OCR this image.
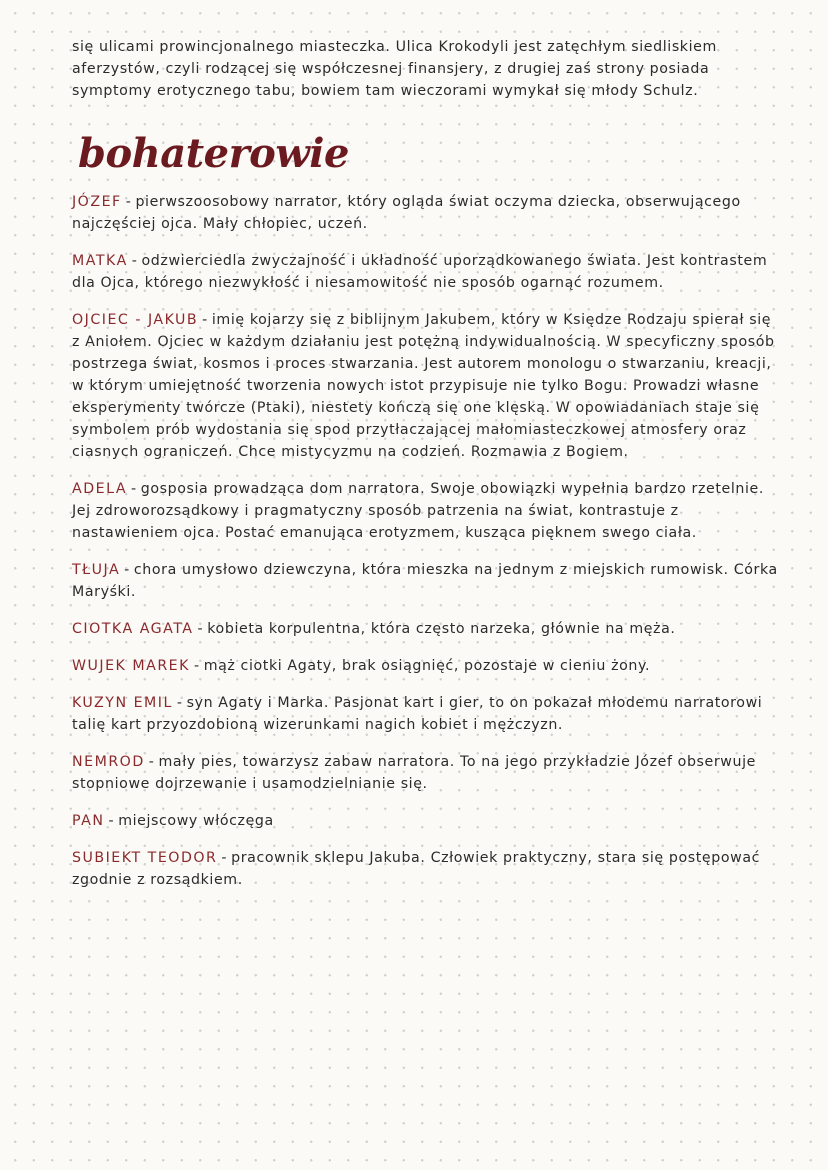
się ulicami prowincjonalnego miasteczka. Ulica Krokodyli jest zatęchłym siedliskiem aferzystów, czyli rodzącej się współczesnej finansjery, z drugiej zaś strony posiada symptomy erotycznego tabu, bowiem tam wieczorami wymykał się młody Schulz.

bohaterowie

JÓZEF - pierwszoosobowy narrator, który ogląda świat oczyma dziecka, obserwującego najczęściej ojca. Mały chłopiec, uczeń.

MATKA - odzwierciedla zwyczajność i układność uporządkowanego świata. Jest kontrastem dla Ojca, którego niezwykłość i niesamowitość nie sposób ogarnąć rozumem.

OJCIEC - JAKUB - imię kojarzy się z biblijnym Jakubem, który w Księdze Rodzaju spierał się z Aniołem. Ojciec w każdym działaniu jest potężną indywidualnością. W specyficzny sposób postrzega świat, kosmos i proces stwarzania. Jest autorem monologu o stwarzaniu, kreacji, w którym umiejętność tworzenia nowych istot przypisuje nie tylko Bogu. Prowadzi własne eksperymenty twórcze (Ptaki), niestety kończą się one klęską. W opowiadaniach staje się symbolem prób wydostania się spod przytłaczającej małomiasteczkowej atmosfery oraz ciasnych ograniczeń. Chce mistycyzmu na codzień. Rozmawia z Bogiem.

ADELA - gosposia prowadząca dom narratora. Swoje obowiązki wypełnia bardzo rzetelnie. Jej zdroworozsądkowy i pragmatyczny sposób patrzenia na świat, kontrastuje z nastawieniem ojca. Postać emanująca erotyzmem, kusząca pięknem swego ciała.

TŁUJA - chora umysłowo dziewczyna, która mieszka na jednym z miejskich rumowisk. Córka Maryśki.

CIOTKA AGATA - kobieta korpulentna, która często narzeka, głównie na męża.

WUJEK MAREK - mąż ciotki Agaty, brak osiągnięć, pozostaje w cieniu żony.

KUZYN EMIL - syn Agaty i Marka. Pasjonat kart i gier, to on pokazał młodemu narratorowi talię kart przyozdobioną wizerunkami nagich kobiet i mężczyzn.

NEMROD - mały pies, towarzysz zabaw narratora. To na jego przykładzie Józef obserwuje stopniowe dojrzewanie i usamodzielnianie się.

PAN - miejscowy włóczęga

SUBIEKT TEODOR - pracownik sklepu Jakuba. Człowiek praktyczny, stara się postępować zgodnie z rozsądkiem.
